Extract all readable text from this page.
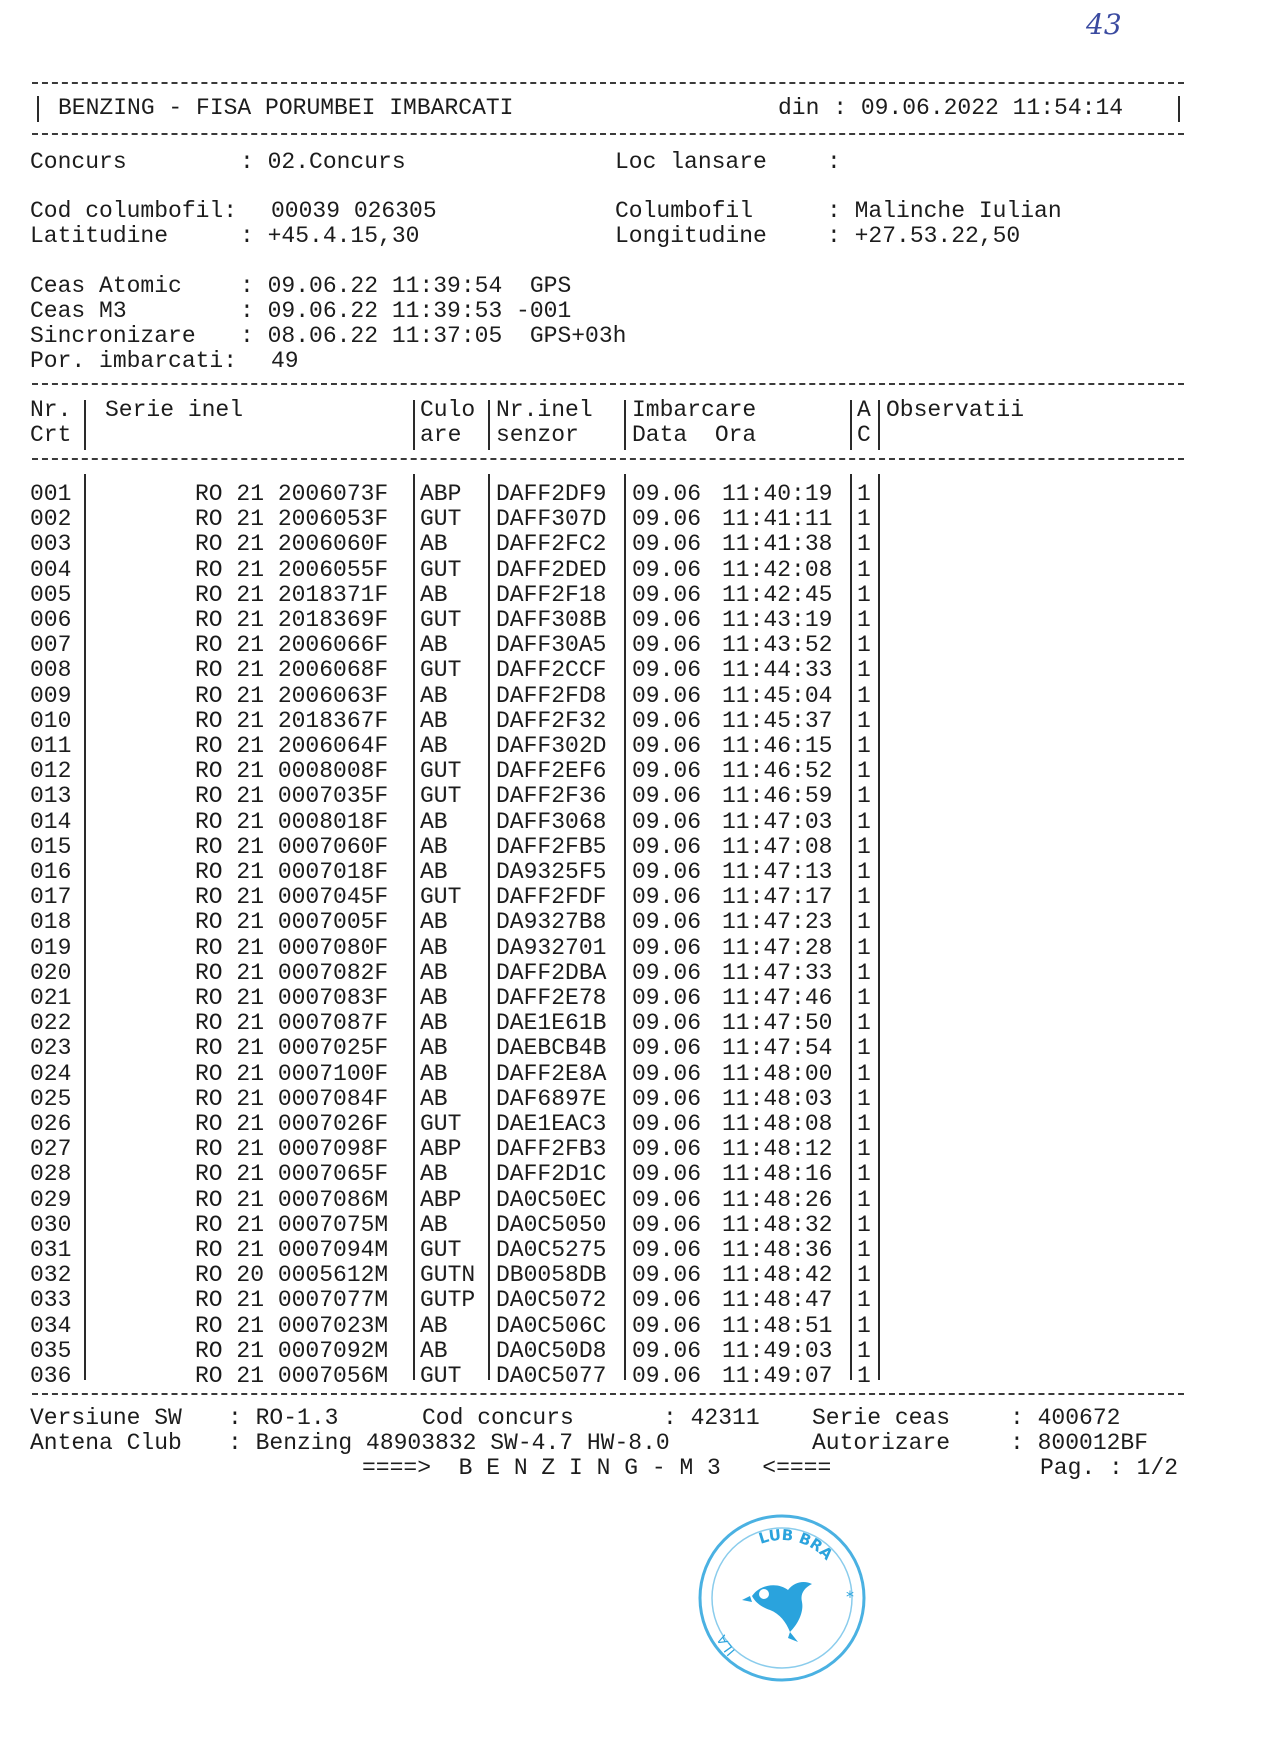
43
BENZING - FISA PORUMBEI IMBARCATI	din : 09.06.2022 11:54:14
Concurs	: 02.Concurs	Loc lansare	:
Cod columbofil: 00039 026305	Columbofil	: Malinche Iulian
Latitudine	: +45.4.15,30	Longitudine	: +27.53.22,50
Ceas Atomic	: 09.06.22 11:39:54  GPS
Ceas M3	: 09.06.22 11:39:53 -001
Sincronizare : 08.06.22 11:37:05  GPS+03h
Por. imbarcati: 49
Nr.
Crt
Serie inel	Culo
are
Nr.inel
senzor
Imbarcare
Data  Ora
A
C
Observatii
001	RO 21 2006073F ABP DAFF2DF9 09.06 11:40:19 1
002	RO 21 2006053F GUT DAFF307D 09.06 11:41:11 1
003	RO 21 2006060F AB DAFF2FC2 09.06 11:41:38 1
004	RO 21 2006055F GUT DAFF2DED 09.06 11:42:08 1
005	RO 21 2018371F AB DAFF2F18 09.06 11:42:45 1
006	RO 21 2018369F GUT DAFF308B 09.06 11:43:19 1
007	RO 21 2006066F AB DAFF30A5 09.06 11:43:52 1
008	RO 21 2006068F GUT DAFF2CCF 09.06 11:44:33 1
009	RO 21 2006063F AB DAFF2FD8 09.06 11:45:04 1
010	RO 21 2018367F AB DAFF2F32 09.06 11:45:37 1
011	RO 21 2006064F AB DAFF302D 09.06 11:46:15 1
012	RO 21 0008008F GUT DAFF2EF6 09.06 11:46:52 1
013	RO 21 0007035F GUT DAFF2F36 09.06 11:46:59 1
014	RO 21 0008018F AB DAFF3068 09.06 11:47:03 1
015	RO 21 0007060F AB DAFF2FB5 09.06 11:47:08 1
016	RO 21 0007018F AB DA9325F5 09.06 11:47:13 1
017	RO 21 0007045F GUT DAFF2FDF 09.06 11:47:17 1
018	RO 21 0007005F AB DA9327B8 09.06 11:47:23 1
019	RO 21 0007080F AB DA932701 09.06 11:47:28 1
020	RO 21 0007082F AB DAFF2DBA 09.06 11:47:33 1
021	RO 21 0007083F AB DAFF2E78 09.06 11:47:46 1
022	RO 21 0007087F AB DAE1E61B 09.06 11:47:50 1
023	RO 21 0007025F AB DAEBCB4B 09.06 11:47:54 1
024	RO 21 0007100F AB DAFF2E8A 09.06 11:48:00 1
025	RO 21 0007084F AB DAF6897E 09.06 11:48:03 1
026	RO 21 0007026F GUT DAE1EAC3 09.06 11:48:08 1
027	RO 21 0007098F ABP DAFF2FB3 09.06 11:48:12 1
028	RO 21 0007065F AB DAFF2D1C 09.06 11:48:16 1
029	RO 21 0007086M ABP DA0C50EC 09.06 11:48:26 1
030	RO 21 0007075M AB DA0C5050 09.06 11:48:32 1
031	RO 21 0007094M GUT DA0C5275 09.06 11:48:36 1
032	RO 20 0005612M GUTN DB0058DB 09.06 11:48:42 1
033	RO 21 0007077M GUTP DA0C5072 09.06 11:48:47 1
034	RO 21 0007023M AB DA0C506C 09.06 11:48:51 1
035	RO 21 0007092M AB DA0C50D8 09.06 11:49:03 1
036	RO 21 0007056M GUT DA0C5077 09.06 11:49:07 1
Versiune SW : RO-1.3	Cod concurs	: 42311 Serie ceas	: 400672
Antena Club : Benzing 48903832 SW-4.7 HW-8.0	Autorizare	: 800012BF
====>  B E N Z I N G - M 3   <====	Pag. : 1/2
LUB BRA
ILA
*
